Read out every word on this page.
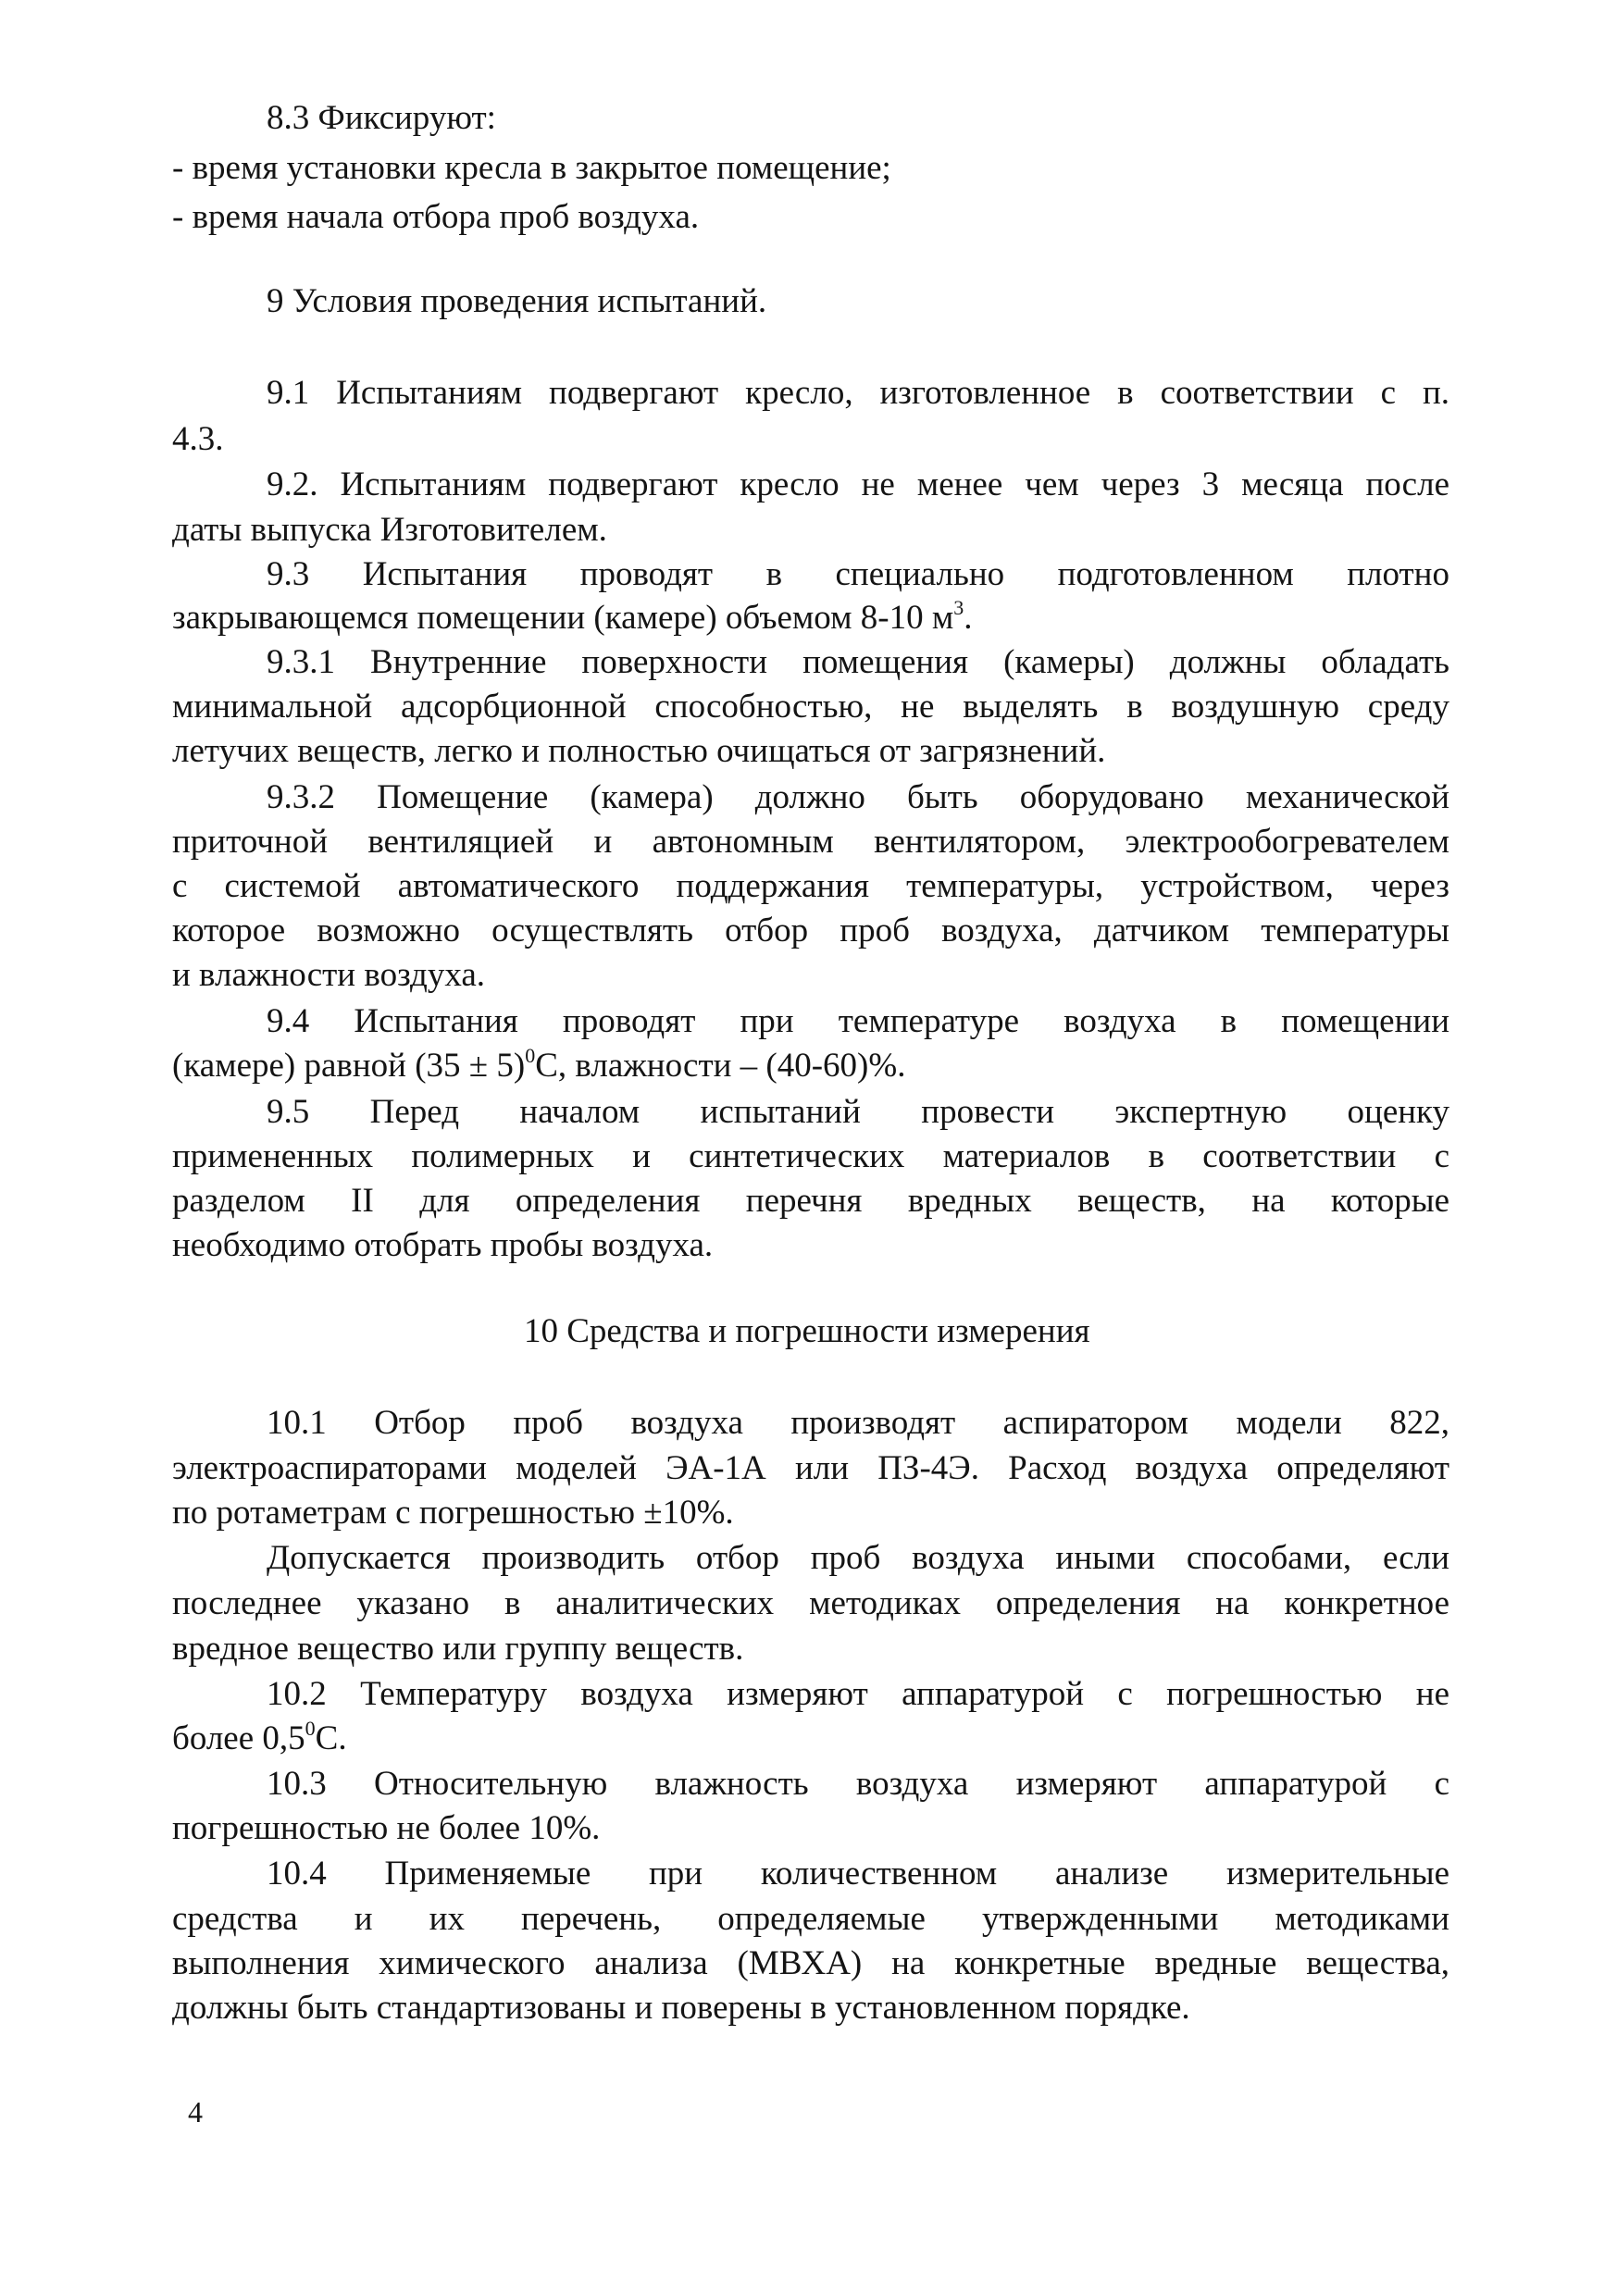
8.3 Фиксируют:
- время установки кресла в закрытое помещение;
- время начала отбора проб воздуха.
9 Условия проведения испытаний.
9.1 Испытаниям подвергают кресло, изготовленное в соответствии с п.
4.3.
9.2. Испытаниям подвергают кресло не менее чем через 3 месяца после
даты выпуска Изготовителем.
9.3 Испытания проводят в специально подготовленном плотно
закрывающемся помещении (камере) объемом 8-10 $м^3$.
9.3.1 Внутренние поверхности помещения (камеры) должны обладать
минимальной адсорбционной способностью, не выделять в воздушную среду
летучих веществ, легко и полностью очищаться от загрязнений.
9.3.2 Помещение (камера) должно быть оборудовано механической
приточной вентиляцией и автономным вентилятором, электрообогревателем
с системой автоматического поддержания температуры, устройством, через
которое возможно осуществлять отбор проб воздуха, датчиком температуры
и влажности воздуха.
9.4 Испытания проводят при температуре воздуха в помещении
(камере) равной $(35 \pm 5)^0С$, влажности – (40-60)%.
9.5 Перед началом испытаний провести экспертную оценку
примененных полимерных и синтетических материалов в соответствии с
разделом II для определения перечня вредных веществ, на которые
необходимо отобрать пробы воздуха.
10 Средства и погрешности измерения
10.1 Отбор проб воздуха производят аспиратором модели 822,
электроаспираторами моделей ЭА-1А или ПЗ-4Э. Расход воздуха определяют
по ротаметрам с погрешностью ±10%.
Допускается производить отбор проб воздуха иными способами, если
последнее указано в аналитических методиках определения на конкретное
вредное вещество или группу веществ.
10.2 Температуру воздуха измеряют аппаратурой с погрешностью не
более $0,5^0С$.
10.3 Относительную влажность воздуха измеряют аппаратурой с
погрешностью не более 10%.
10.4 Применяемые при количественном анализе измерительные
средства и их перечень, определяемые утвержденными методиками
выполнения химического анализа (МВХА) на конкретные вредные вещества,
должны быть стандартизованы и поверены в установленном порядке.
4
